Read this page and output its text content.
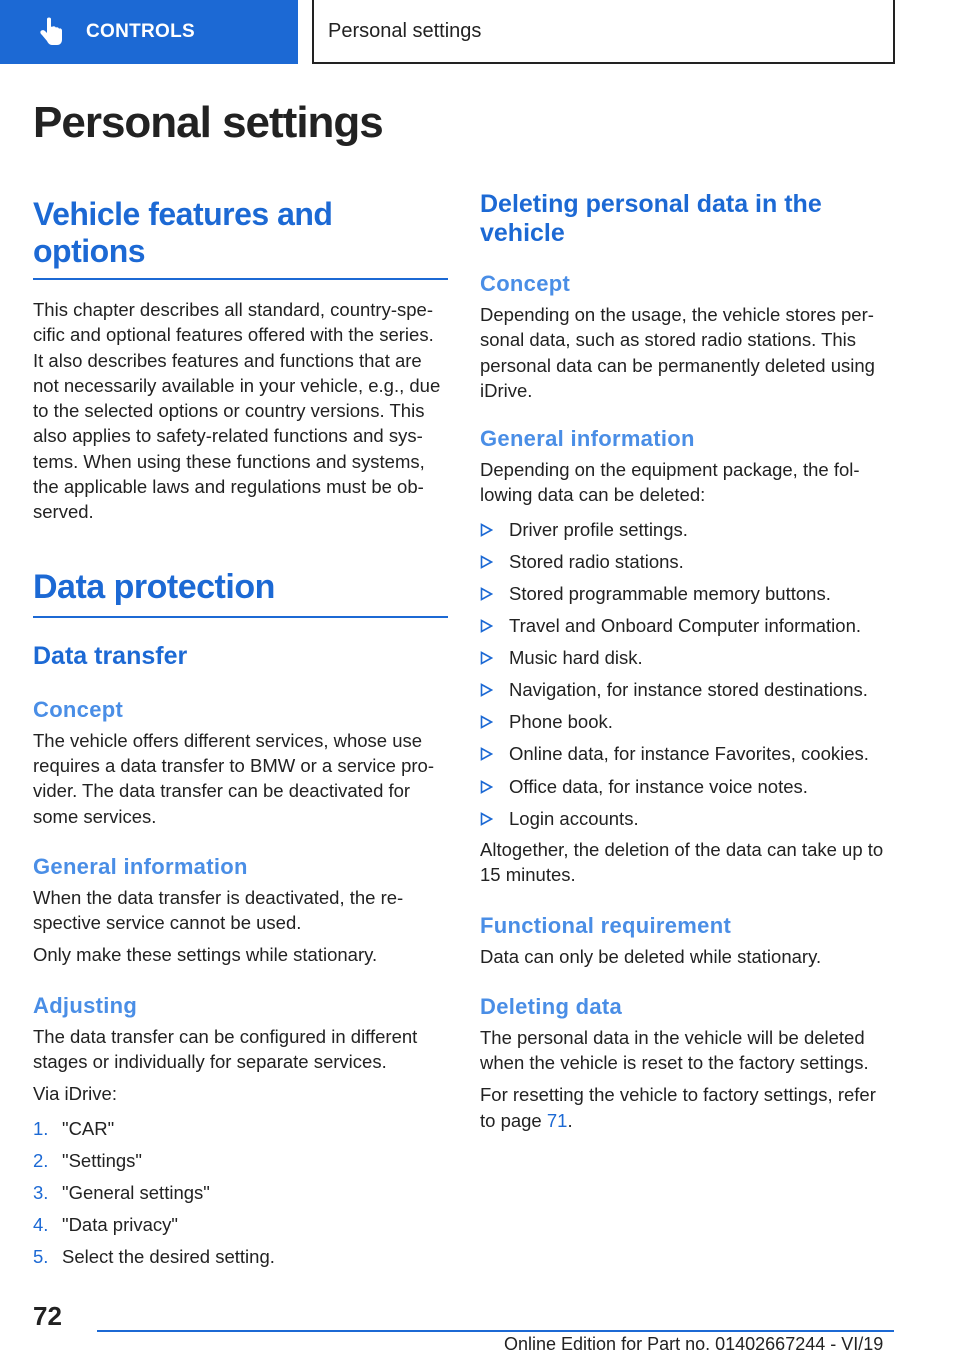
CONTROLS	Personal settings
Personal settings
Vehicle features and options

This chapter describes all standard, country-spe-cific and optional features offered with the series. It also describes features and functions that are not necessarily available in your vehicle, e.g., due to the selected options or country versions. This also applies to safety-related functions and sys-tems. When using these functions and systems, the applicable laws and regulations must be ob-served.

Data protection
Data transfer
Concept

The vehicle offers different services, whose use requires a data transfer to BMW or a service pro-vider. The data transfer can be deactivated for some services.

General information

When the data transfer is deactivated, the re-spective service cannot be used.

Only make these settings while stationary.

Adjusting

The data transfer can be configured in different stages or individually for separate services.

Via iDrive:

1. "CAR"
2. "Settings"
3. "General settings"
4. "Data privacy"
5. Select the desired setting.
Deleting personal data in the vehicle
Concept

Depending on the usage, the vehicle stores per-sonal data, such as stored radio stations. This personal data can be permanently deleted using iDrive.

General information

Depending on the equipment package, the fol-lowing data can be deleted:

Driver profile settings.
Stored radio stations.
Stored programmable memory buttons.
Travel and Onboard Computer information.
Music hard disk.
Navigation, for instance stored destinations.
Phone book.
Online data, for instance Favorites, cookies.
Office data, for instance voice notes.
Login accounts.

Altogether, the deletion of the data can take up to 15 minutes.

Functional requirement

Data can only be deleted while stationary.

Deleting data

The personal data in the vehicle will be deleted when the vehicle is reset to the factory settings.

For resetting the vehicle to factory settings, refer to page 71.

72

Online Edition for Part no. 01402667244 - VI/19
